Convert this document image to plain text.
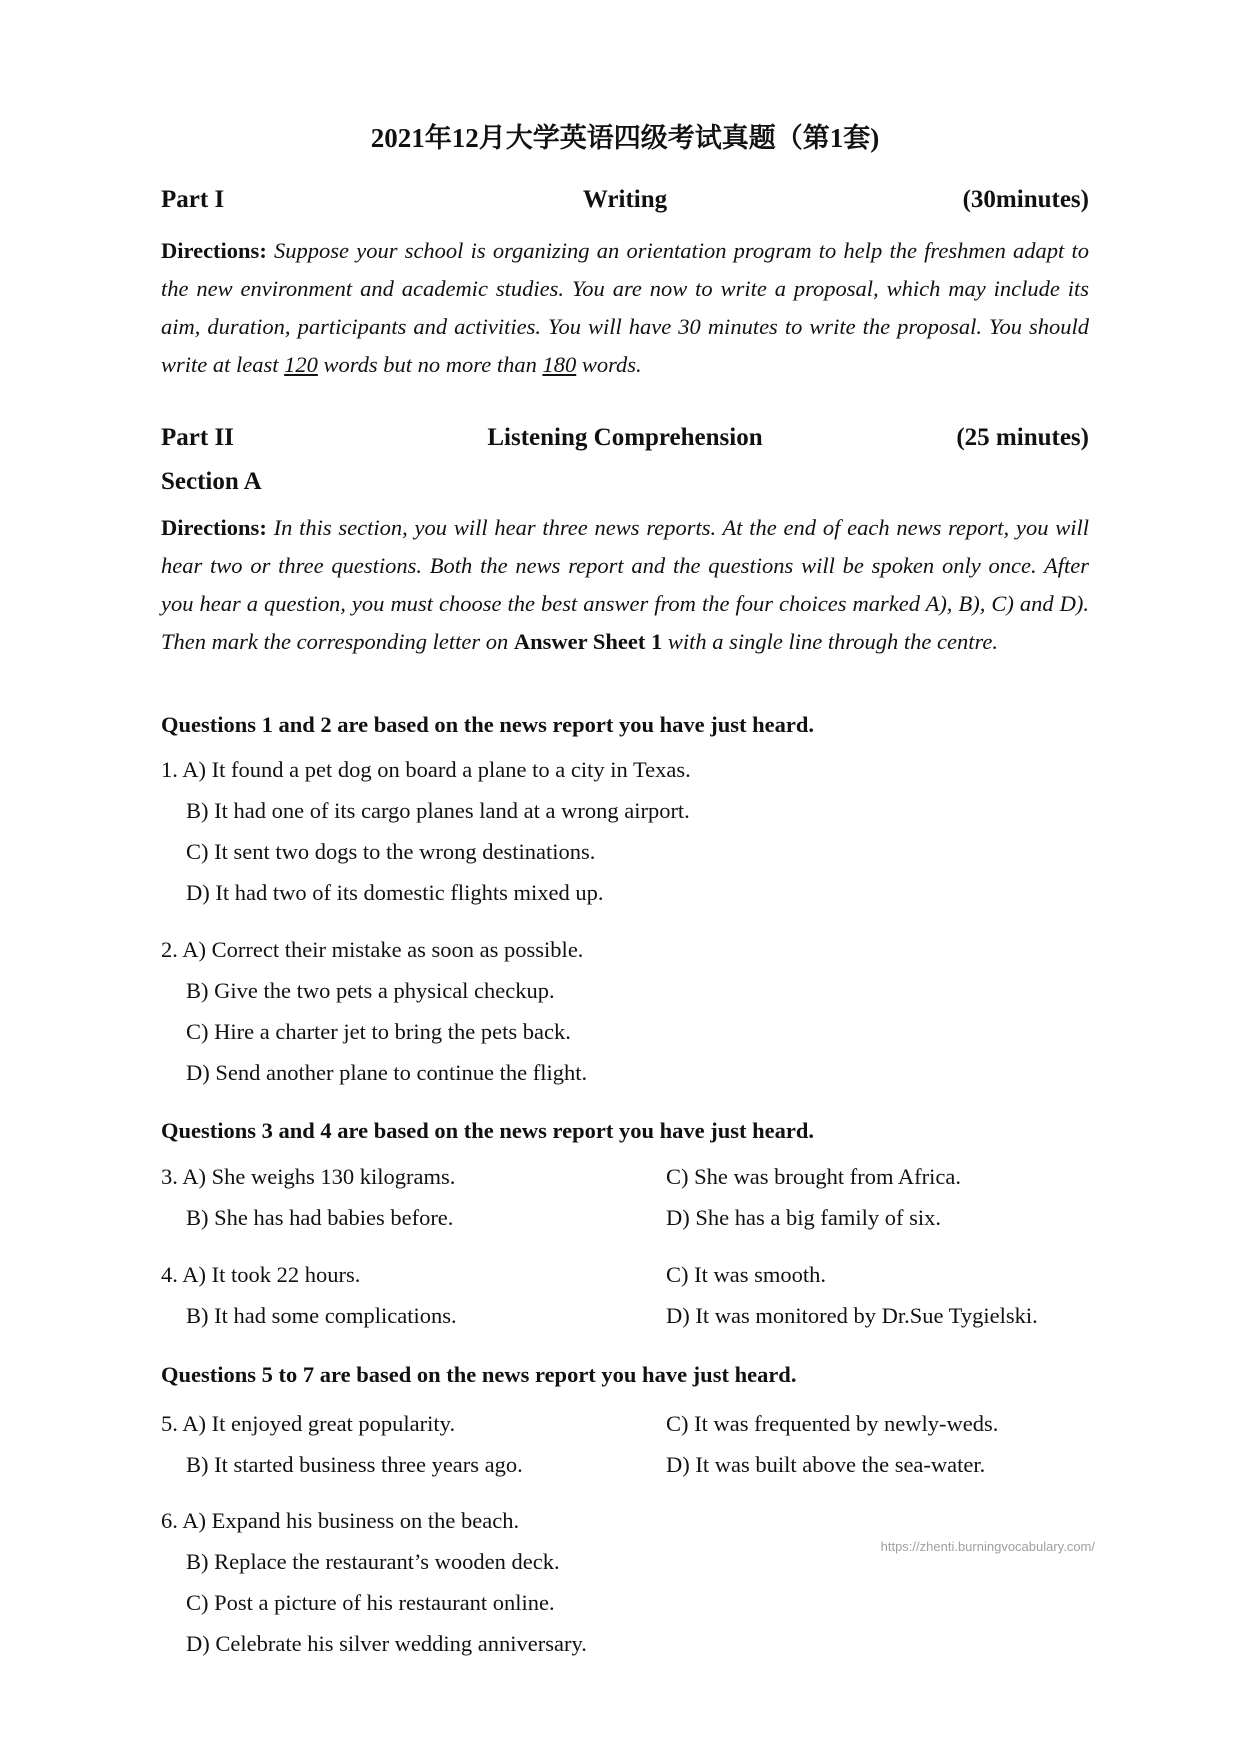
2021年12月大学英语四级考试真题（第1套)
Part I	Writing	(30minutes)

Directions: Suppose your school is organizing an orientation program to help the freshmen adapt to the new environment and academic studies. You are now to write a proposal, which may include its aim, duration, participants and activities. You will have 30 minutes to write the proposal. You should write at least 120 words but no more than 180 words.

Part II	Listening Comprehension	(25 minutes)
Section A

Directions: In this section, you will hear three news reports. At the end of each news report, you will hear two or three questions. Both the news report and the questions will be spoken only once. After you hear a question, you must choose the best answer from the four choices marked A), B), C) and D). Then mark the corresponding letter on Answer Sheet 1 with a single line through the centre.

Questions 1 and 2 are based on the news report you have just heard.
1. A) It found a pet dog on board a plane to a city in Texas.
B) It had one of its cargo planes land at a wrong airport.
C) It sent two dogs to the wrong destinations.
D) It had two of its domestic flights mixed up.
2. A) Correct their mistake as soon as possible.
B) Give the two pets a physical checkup.
C) Hire a charter jet to bring the pets back.
D) Send another plane to continue the flight.
Questions 3 and 4 are based on the news report you have just heard.
3. A) She weighs 130 kilograms.	C) She was brought from Africa.
B) She has had babies before.	D) She has a big family of six.
4. A) It took 22 hours.	C) It was smooth.
B) It had some complications.	D) It was monitored by Dr.Sue Tygielski.
Questions 5 to 7 are based on the news report you have just heard.
5. A) It enjoyed great popularity.	C) It was frequented by newly-weds.
B) It started business three years ago.	D) It was built above the sea-water.
6. A) Expand his business on the beach.
B) Replace the restaurant’s wooden deck.
C) Post a picture of his restaurant online.
D) Celebrate his silver wedding anniversary.
https://zhenti.burningvocabulary.com/
